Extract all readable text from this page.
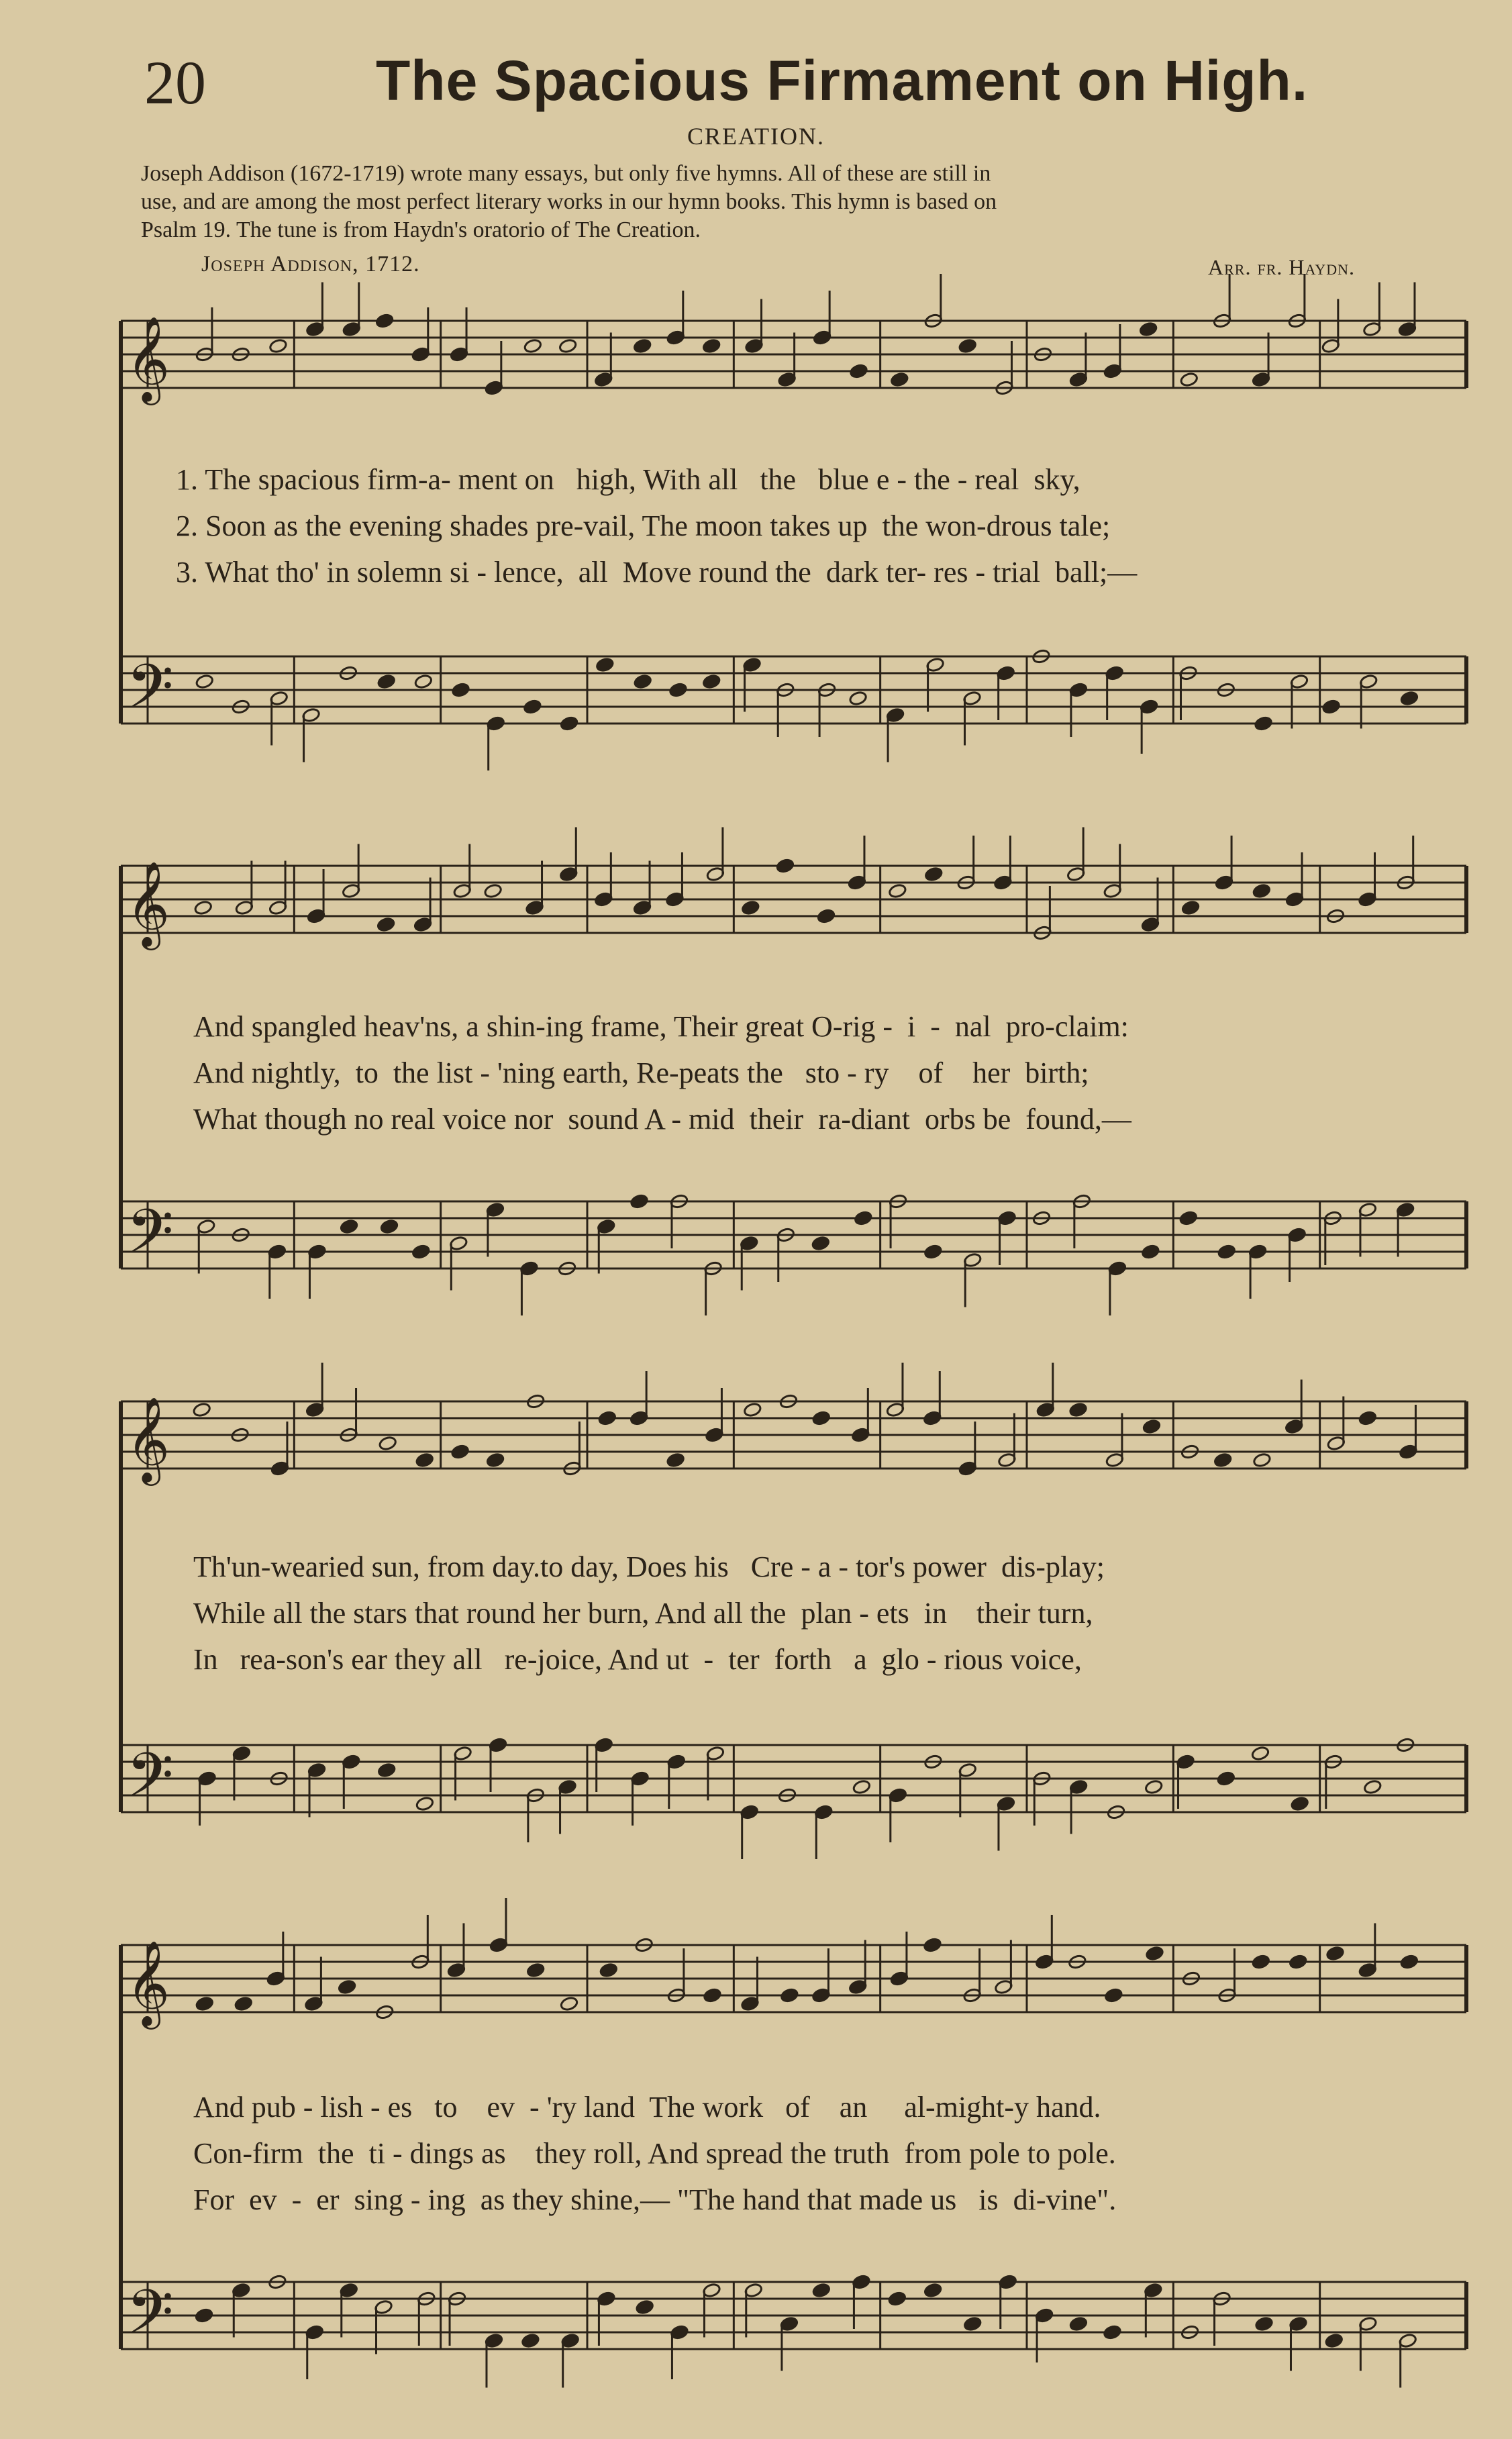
20	The Spacious Firmament on High.
CREATION.
Joseph Addison (1672-1719) wrote many essays, but only five hymns. All of these are still in
use, and are among the most perfect literary works in our hymn books. This hymn is based on
Psalm 19. The tune is from Haydn's oratorio of The Creation.
Joseph Addison, 1712.	Arr. fr. Haydn.
𝄞
𝄢
𝄞
𝄢
𝄞
𝄢
𝄞
𝄢
1. The spacious firm-a- ment on   high, With all   the   blue e - the - real  sky,
2. Soon as the evening shades pre-vail, The moon takes up  the won-drous tale;
3. What tho' in solemn si - lence,  all  Move round the  dark ter- res - trial  ball;—
And spangled heav'ns, a shin-ing frame, Their great O-rig -  i  -  nal  pro-claim:
And nightly,  to  the list - 'ning earth, Re-peats the   sto - ry    of    her  birth;
What though no real voice nor  sound A - mid  their  ra-diant  orbs be  found,—
Th'un-wearied sun, from day.to day, Does his   Cre - a - tor's power  dis-play;
While all the stars that round her burn, And all the  plan - ets  in    their turn,
In   rea-son's ear they all   re-joice, And ut  -  ter  forth   a  glo - rious voice,
And pub - lish - es   to    ev  - 'ry land  The work   of    an     al-might-y hand.
Con-firm  the  ti - dings as    they roll, And spread the truth  from pole to pole.
For  ev  -  er  sing - ing  as they shine,— "The hand that made us   is  di-vine".
